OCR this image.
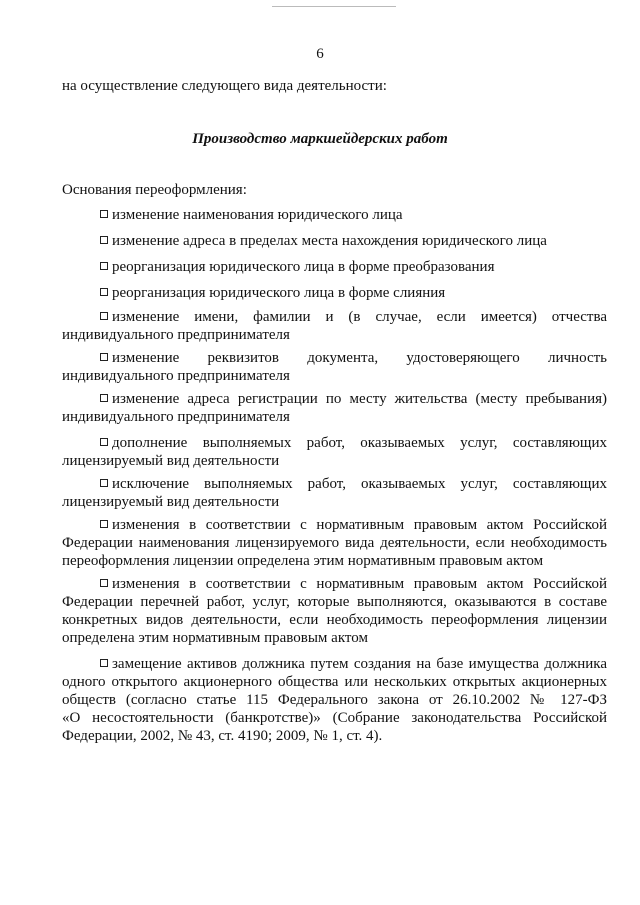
6
на осуществление следующего вида деятельности:
Производство маркшейдерских работ
Основания переоформления:
изменение наименования юридического лица
изменение адреса в пределах места нахождения юридического лица
реорганизация юридического лица в форме преобразования
реорганизация юридического лица в форме слияния
изменение имени, фамилии и (в случае, если имеется) отчества
индивидуального предпринимателя
изменение реквизитов документа, удостоверяющего личность
индивидуального предпринимателя
изменение адреса регистрации по месту жительства (месту пребывания)
индивидуального предпринимателя
дополнение выполняемых работ, оказываемых услуг, составляющих
лицензируемый вид деятельности
исключение выполняемых работ, оказываемых услуг, составляющих
лицензируемый вид деятельности
изменения в соответствии с нормативным правовым актом Российской
Федерации наименования лицензируемого вида деятельности, если необходимость
переоформления лицензии определена этим нормативным правовым актом
изменения в соответствии с нормативным правовым актом Российской
Федерации перечней работ, услуг, которые выполняются, оказываются в составе
конкретных видов деятельности, если необходимость переоформления лицензии
определена этим нормативным правовым актом
замещение активов должника путем создания на базе имущества должника
одного открытого акционерного общества или нескольких открытых акционерных
обществ (согласно статье 115 Федерального закона от 26.10.2002 № 127-ФЗ
«О несостоятельности (банкротстве)» (Собрание законодательства Российской
Федерации, 2002, № 43, ст. 4190; 2009, № 1, ст. 4).
